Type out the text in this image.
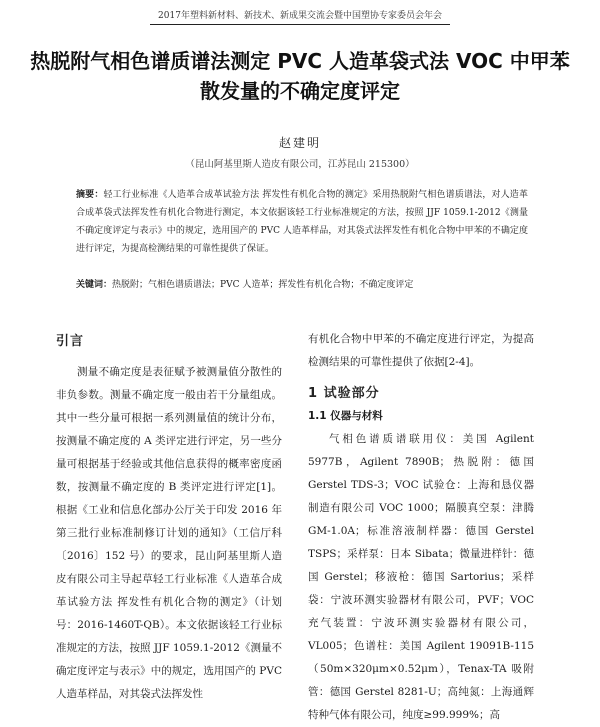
2017年塑料新材料、新技术、新成果交流会暨中国塑协专家委员会年会
热脱附气相色谱质谱法测定 PVC 人造革袋式法 VOC 中甲苯散发量的不确定度评定
赵建明
（昆山阿基里斯人造皮有限公司，江苏昆山 215300）
摘要：轻工行业标准《人造革合成革试验方法 挥发性有机化合物的测定》采用热脱附气相色谱质谱法，对人造革合成革袋式法挥发性有机化合物进行测定，本文依据该轻工行业标准规定的方法，按照 JJF 1059.1-2012《测量不确定度评定与表示》中的规定，选用国产的 PVC 人造革样品，对其袋式法挥发性有机化合物中甲苯的不确定度进行评定，为提高检测结果的可靠性提供了保证。
关键词：热脱附；气相色谱质谱法；PVC 人造革；挥发性有机化合物；不确定度评定
引言

测量不确定度是表征赋予被测量值分散性的非负参数。测量不确定度一般由若干分量组成。其中一些分量可根据一系列测量值的统计分布，按测量不确定度的 A 类评定进行评定，另一些分量可根据基于经验或其他信息获得的概率密度函数，按测量不确定度的 B 类评定进行评定[1]。根据《工业和信息化部办公厅关于印发 2016 年第三批行业标准制修订计划的通知》（工信厅科〔2016〕152 号）的要求，昆山阿基里斯人造皮有限公司主导起草轻工行业标准《人造革合成革试验方法 挥发性有机化合物的测定》（计划号：2016-1460T-QB）。本文依据该轻工行业标准规定的方法，按照 JJF 1059.1-2012《测量不确定度评定与表示》中的规定，选用国产的 PVC 人造革样品，对其袋式法挥发性

有机化合物中甲苯的不确定度进行评定，为提高检测结果的可靠性提供了依据[2-4]。

1 试验部分
1.1 仪器与材料

气相色谱质谱联用仪：美国 Agilent 5977B，Agilent 7890B；热脱附：德国 Gerstel TDS-3；VOC 试验仓：上海和恳仪器制造有限公司 VOC 1000；隔膜真空泵：津腾 GM-1.0A；标准溶液制样器：德国 Gerstel TSPS；采样泵：日本 Sibata；微量进样针：德国 Gerstel；移液枪：德国 Sartorius；采样袋：宁波环测实验器材有限公司，PVF；VOC 充气装置：宁波环测实验器材有限公司，VL005；色谱柱：美国 Agilent 19091B-115（50m×320μm×0.52μm），Tenax-TA 吸附管：德国 Gerstel 8281-U；高纯氮：上海通辉特种气体有限公司，纯度≥99.999%；高
